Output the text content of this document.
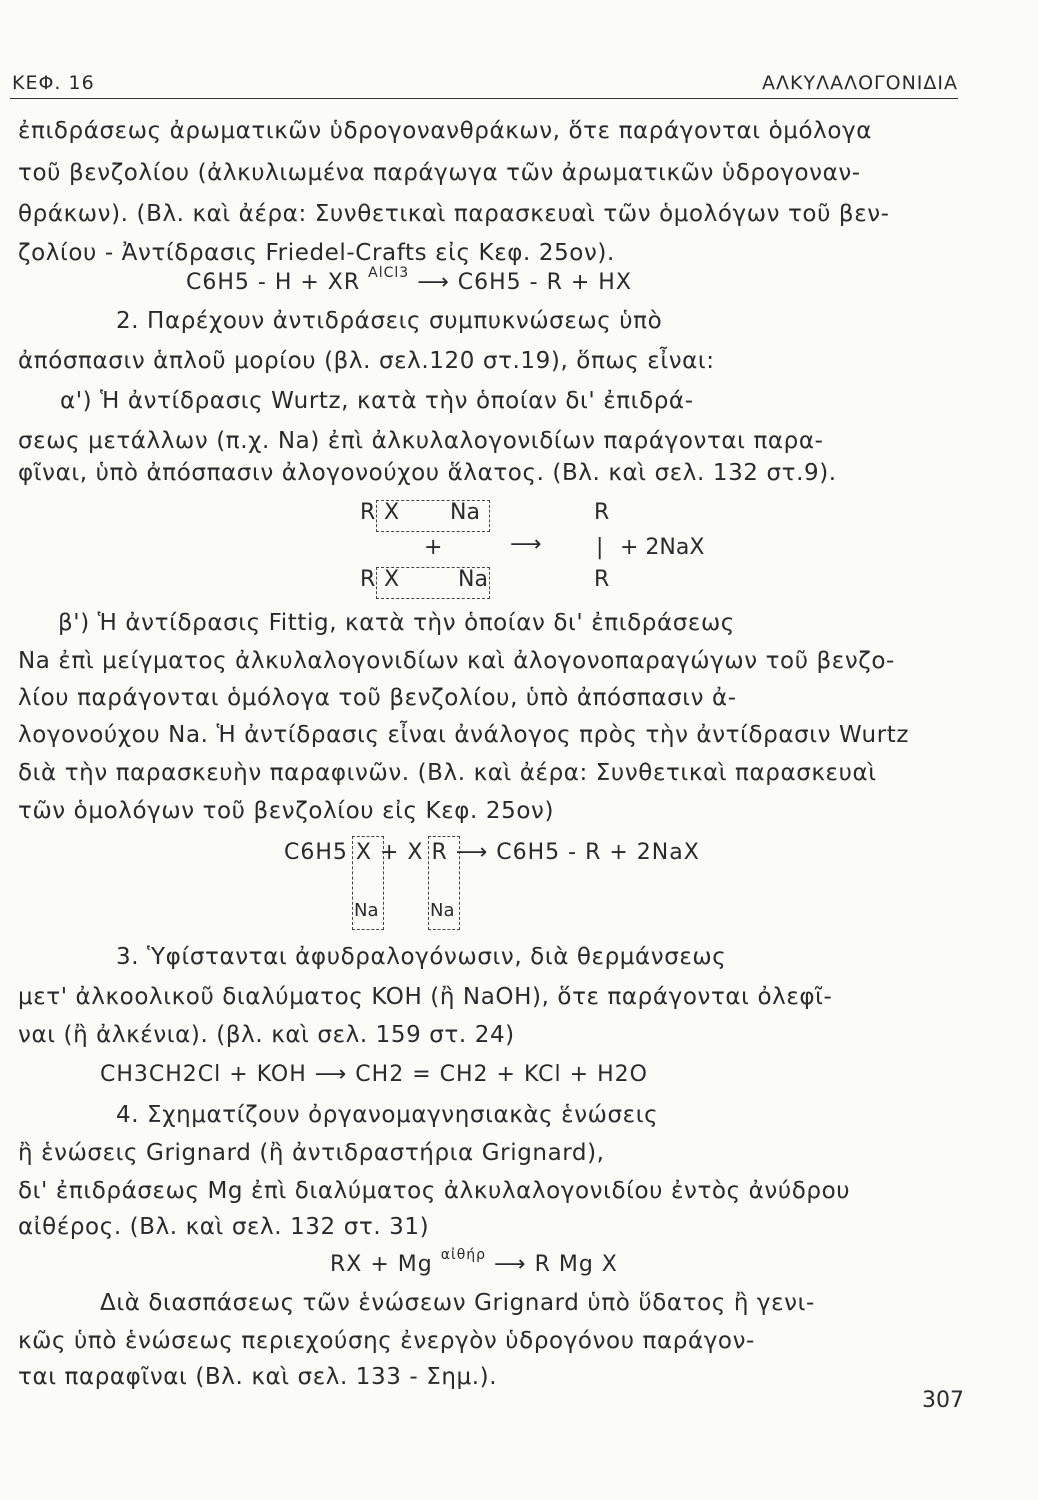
ΚΕΦ. 16	ΑΛΚΥΛΑΛΟΓΟΝΙΔΙΑ
ἐπιδράσεως ἀρωματικῶν ὑδρογονανθράκων, ὅτε παράγονται ὁμόλογα
τοῦ βενζολίου (ἀλκυλιωμένα παράγωγα τῶν ἀρωματικῶν ὑδρογοναν-
θράκων). (Βλ. καὶ ἀέρα: Συνθετικαὶ παρασκευαὶ τῶν ὁμολόγων τοῦ βεν-
ζολίου - Ἀντίδρασις Friedel-Crafts εἰς Κεφ. 25ον).
C6H5 - H + XR $^{AlCl3}$ ⟶ C6H5 - R + HX
2. Παρέχουν ἀντιδράσεις συμπυκνώσεως ὑπὸ
ἀπόσπασιν ἁπλοῦ μορίου (βλ. σελ.120 στ.19), ὅπως εἶναι:
α') Ἡ ἀντίδρασις Wurtz, κατὰ τὴν ὁποίαν δι' ἐπιδρά-
σεως μετάλλων (π.χ. Na) ἐπὶ ἀλκυλαλογονιδίων παράγονται παρα-
φῖναι, ὑπὸ ἀπόσπασιν ἀλογονούχου ἅλατος. (Βλ. καὶ σελ. 132 στ.9).
R X Na	R
+	⟶ | + 2NaX
R X	Na	R
β') Ἡ ἀντίδρασις Fittig, κατὰ τὴν ὁποίαν δι' ἐπιδράσεως
Na ἐπὶ μείγματος ἀλκυλαλογονιδίων καὶ ἀλογονοπαραγώγων τοῦ βενζο-
λίου παράγονται ὁμόλογα τοῦ βενζολίου, ὑπὸ ἀπόσπασιν ἀ-
λογονούχου Na. Ἡ ἀντίδρασις εἶναι ἀνάλογος πρὸς τὴν ἀντίδρασιν Wurtz
διὰ τὴν παρασκευὴν παραφινῶν. (Βλ. καὶ ἀέρα: Συνθετικαὶ παρασκευαὶ
τῶν ὁμολόγων τοῦ βενζολίου εἰς Κεφ. 25ον)
C6H5 X + X R ⟶ C6H5 - R + 2NaX
Na	Na
3. Ὑφίστανται ἀφυδραλογόνωσιν, διὰ θερμάνσεως
μετ' ἀλκοολικοῦ διαλύματος KOH (ἢ NaOH), ὅτε παράγονται ὀλεφῖ-
ναι (ἢ ἀλκένια). (βλ. καὶ σελ. 159 στ. 24)
CH3CH2Cl + KOH ⟶ CH2 = CH2 + KCl + H2O
4. Σχηματίζουν ὀργανομαγνησιακὰς ἑνώσεις
ἢ ἑνώσεις Grignard (ἢ ἀντιδραστήρια Grignard),
δι' ἐπιδράσεως Mg ἐπὶ διαλύματος ἀλκυλαλογονιδίου ἐντὸς ἀνύδρου
αἰθέρος. (Βλ. καὶ σελ. 132 στ. 31)
RX + Mg $^{\alpha ἰ\theta ή\rho}$ ⟶ R Mg X
Διὰ διασπάσεως τῶν ἑνώσεων Grignard ὑπὸ ὕδατος ἢ γενι-
κῶς ὑπὸ ἑνώσεως περιεχούσης ἐνεργὸν ὑδρογόνου παράγον-
ται παραφῖναι (Βλ. καὶ σελ. 133 - Σημ.).
307
